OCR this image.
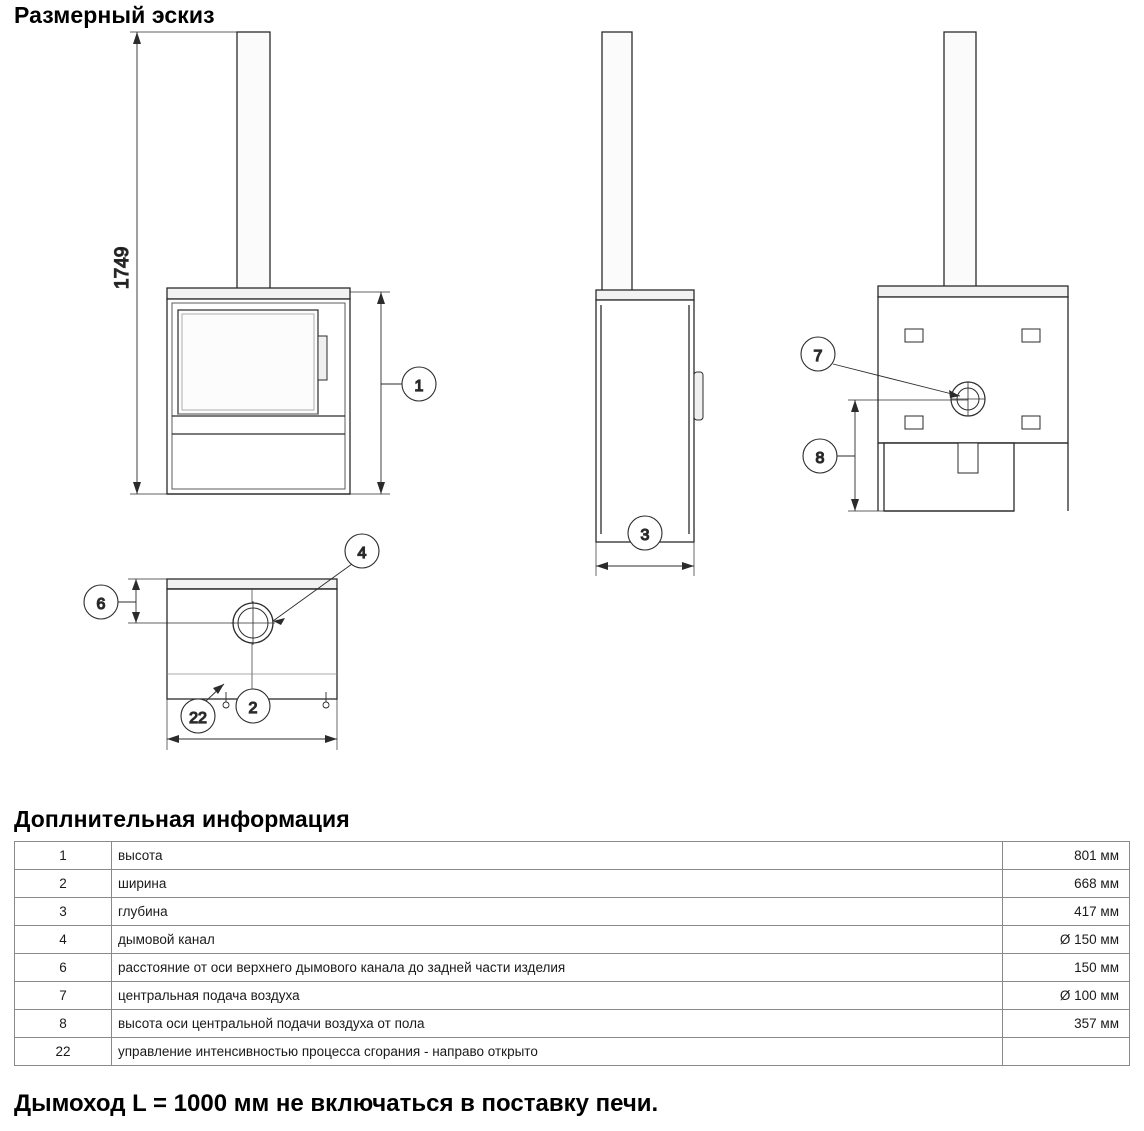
Размерный эскиз
1749
1
3
7
8
4
6
22
2
Доплнительная информация
1	высота	801 мм
2	ширина	668 мм
3	глубина	417 мм
4	дымовой канал	Ø 150 мм
6	расстояние от оси верхнего дымового канала до задней части изделия	150 мм
7	центральная подача воздуха	Ø 100 мм
8	высота оси центральной подачи воздуха от пола	357 мм
22	управление интенсивностью процесса сгорания - направо открыто	
Дымоход L = 1000 мм не включаться в поставку печи.
